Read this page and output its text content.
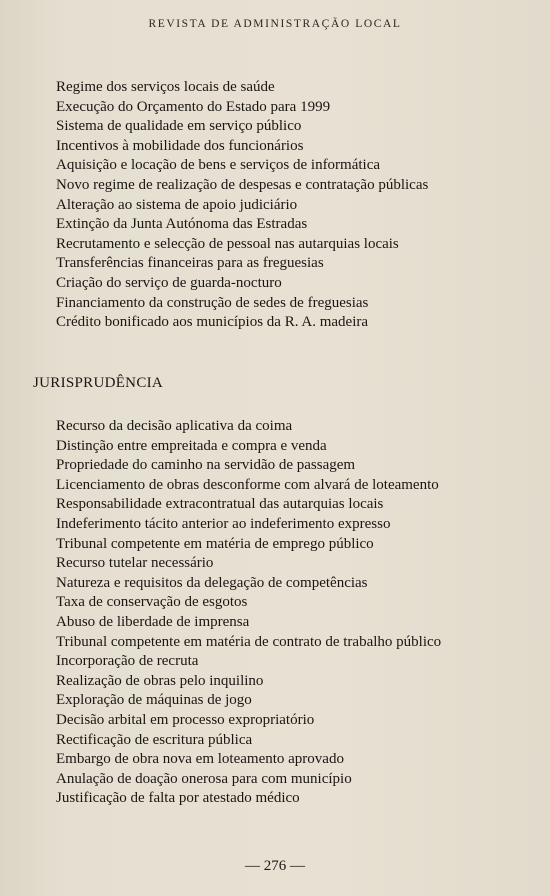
REVISTA DE ADMINISTRAÇÃO LOCAL
Regime dos serviços locais de saúde
Execução do Orçamento do Estado para 1999
Sistema de qualidade em serviço público
Incentivos à mobilidade dos funcionários
Aquisição e locação de bens e serviços de informática
Novo regime de realização de despesas e contratação públicas
Alteração ao sistema de apoio judiciário
Extinção da Junta Autónoma das Estradas
Recrutamento e selecção de pessoal nas autarquias locais
Transferências financeiras para as freguesias
Criação do serviço de guarda-nocturo
Financiamento da construção de sedes de freguesias
Crédito bonificado aos municípios da R. A. madeira
JURISPRUDÊNCIA
Recurso da decisão aplicativa da coima
Distinção entre empreitada e compra e venda
Propriedade do caminho na servidão de passagem
Licenciamento de obras desconforme com alvará de loteamento
Responsabilidade extracontratual das autarquias locais
Indeferimento tácito anterior ao indeferimento expresso
Tribunal competente em matéria de emprego público
Recurso tutelar necessário
Natureza e requisitos da delegação de competências
Taxa de conservação de esgotos
Abuso de liberdade de imprensa
Tribunal competente em matéria de contrato de trabalho público
Incorporação de recruta
Realização de obras pelo inquilino
Exploração de máquinas de jogo
Decisão arbital em processo expropriatório
Rectificação de escritura pública
Embargo de obra nova em loteamento aprovado
Anulação de doação onerosa para com município
Justificação de falta por atestado médico
— 276 —
